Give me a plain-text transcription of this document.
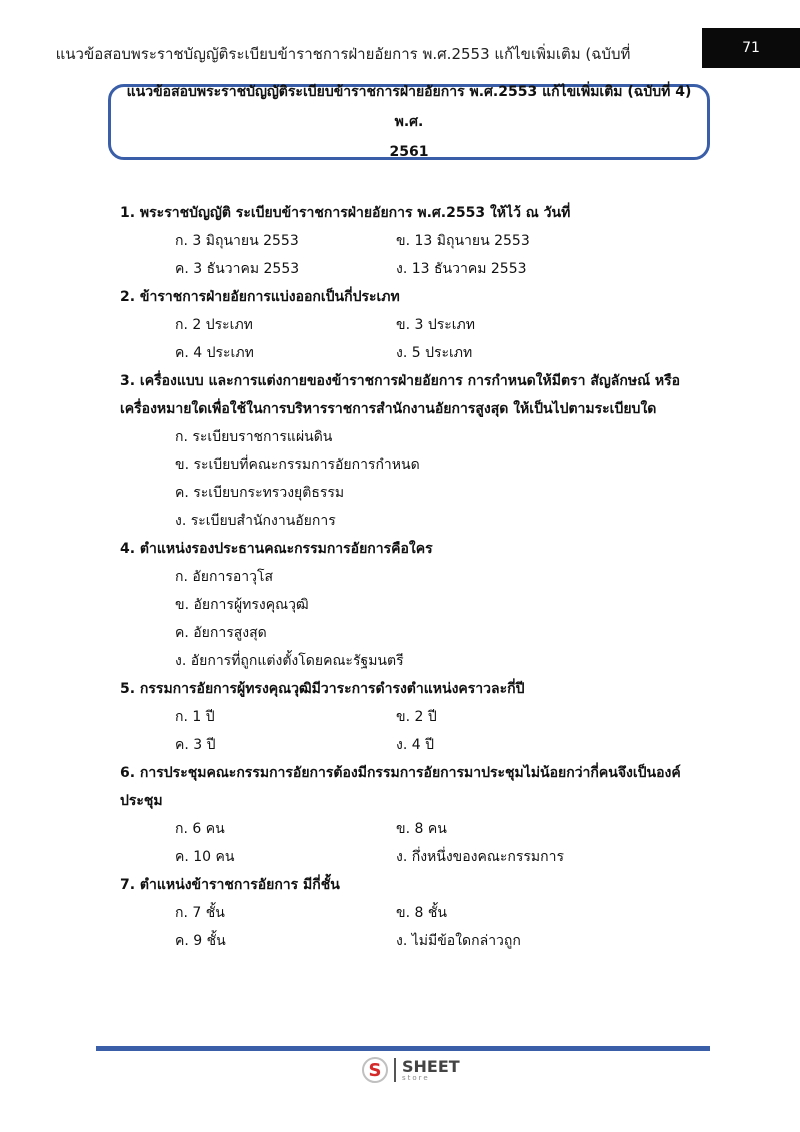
แนวข้อสอบพระราชบัญญัติระเบียบข้าราชการฝ่ายอัยการ พ.ศ.2553 แก้ไขเพิ่มเติม (ฉบับที่	71
แนวข้อสอบพระราชบัญญัติระเบียบข้าราชการฝ่ายอัยการ พ.ศ.2553 แก้ไขเพิ่มเติม (ฉบับที่ 4) พ.ศ.
2561
1. พระราชบัญญัติ ระเบียบข้าราชการฝ่ายอัยการ พ.ศ.2553 ให้ไว้ ณ วันที่
ก. 3 มิถุนายน 2553	ข. 13 มิถุนายน 2553
ค. 3 ธันวาคม 2553	ง. 13 ธันวาคม 2553
2. ข้าราชการฝ่ายอัยการแบ่งออกเป็นกี่ประเภท
ก. 2 ประเภท	ข. 3 ประเภท
ค. 4 ประเภท	ง. 5 ประเภท
3. เครื่องแบบ และการแต่งกายของข้าราชการฝ่ายอัยการ การกำหนดให้มีตรา สัญลักษณ์ หรือ
เครื่องหมายใดเพื่อใช้ในการบริหารราชการสำนักงานอัยการสูงสุด ให้เป็นไปตามระเบียบใด
ก. ระเบียบราชการแผ่นดิน
ข. ระเบียบที่คณะกรรมการอัยการกำหนด
ค. ระเบียบกระทรวงยุติธรรม
ง. ระเบียบสำนักงานอัยการ
4. ตำแหน่งรองประธานคณะกรรมการอัยการคือใคร
ก. อัยการอาวุโส
ข. อัยการผู้ทรงคุณวุฒิ
ค. อัยการสูงสุด
ง. อัยการที่ถูกแต่งตั้งโดยคณะรัฐมนตรี
5. กรรมการอัยการผู้ทรงคุณวุฒิมีวาระการดำรงตำแหน่งคราวละกี่ปี
ก. 1 ปี	ข. 2 ปี
ค. 3 ปี	ง. 4 ปี
6. การประชุมคณะกรรมการอัยการต้องมีกรรมการอัยการมาประชุมไม่น้อยกว่ากี่คนจึงเป็นองค์
ประชุม
ก. 6 คน	ข. 8 คน
ค. 10 คน	ง. กึ่งหนึ่งของคณะกรรมการ
7. ตำแหน่งข้าราชการอัยการ มีกี่ชั้น
ก. 7 ชั้น	ข. 8 ชั้น
ค. 9 ชั้น	ง. ไม่มีข้อใดกล่าวถูก
S SHEET
store
